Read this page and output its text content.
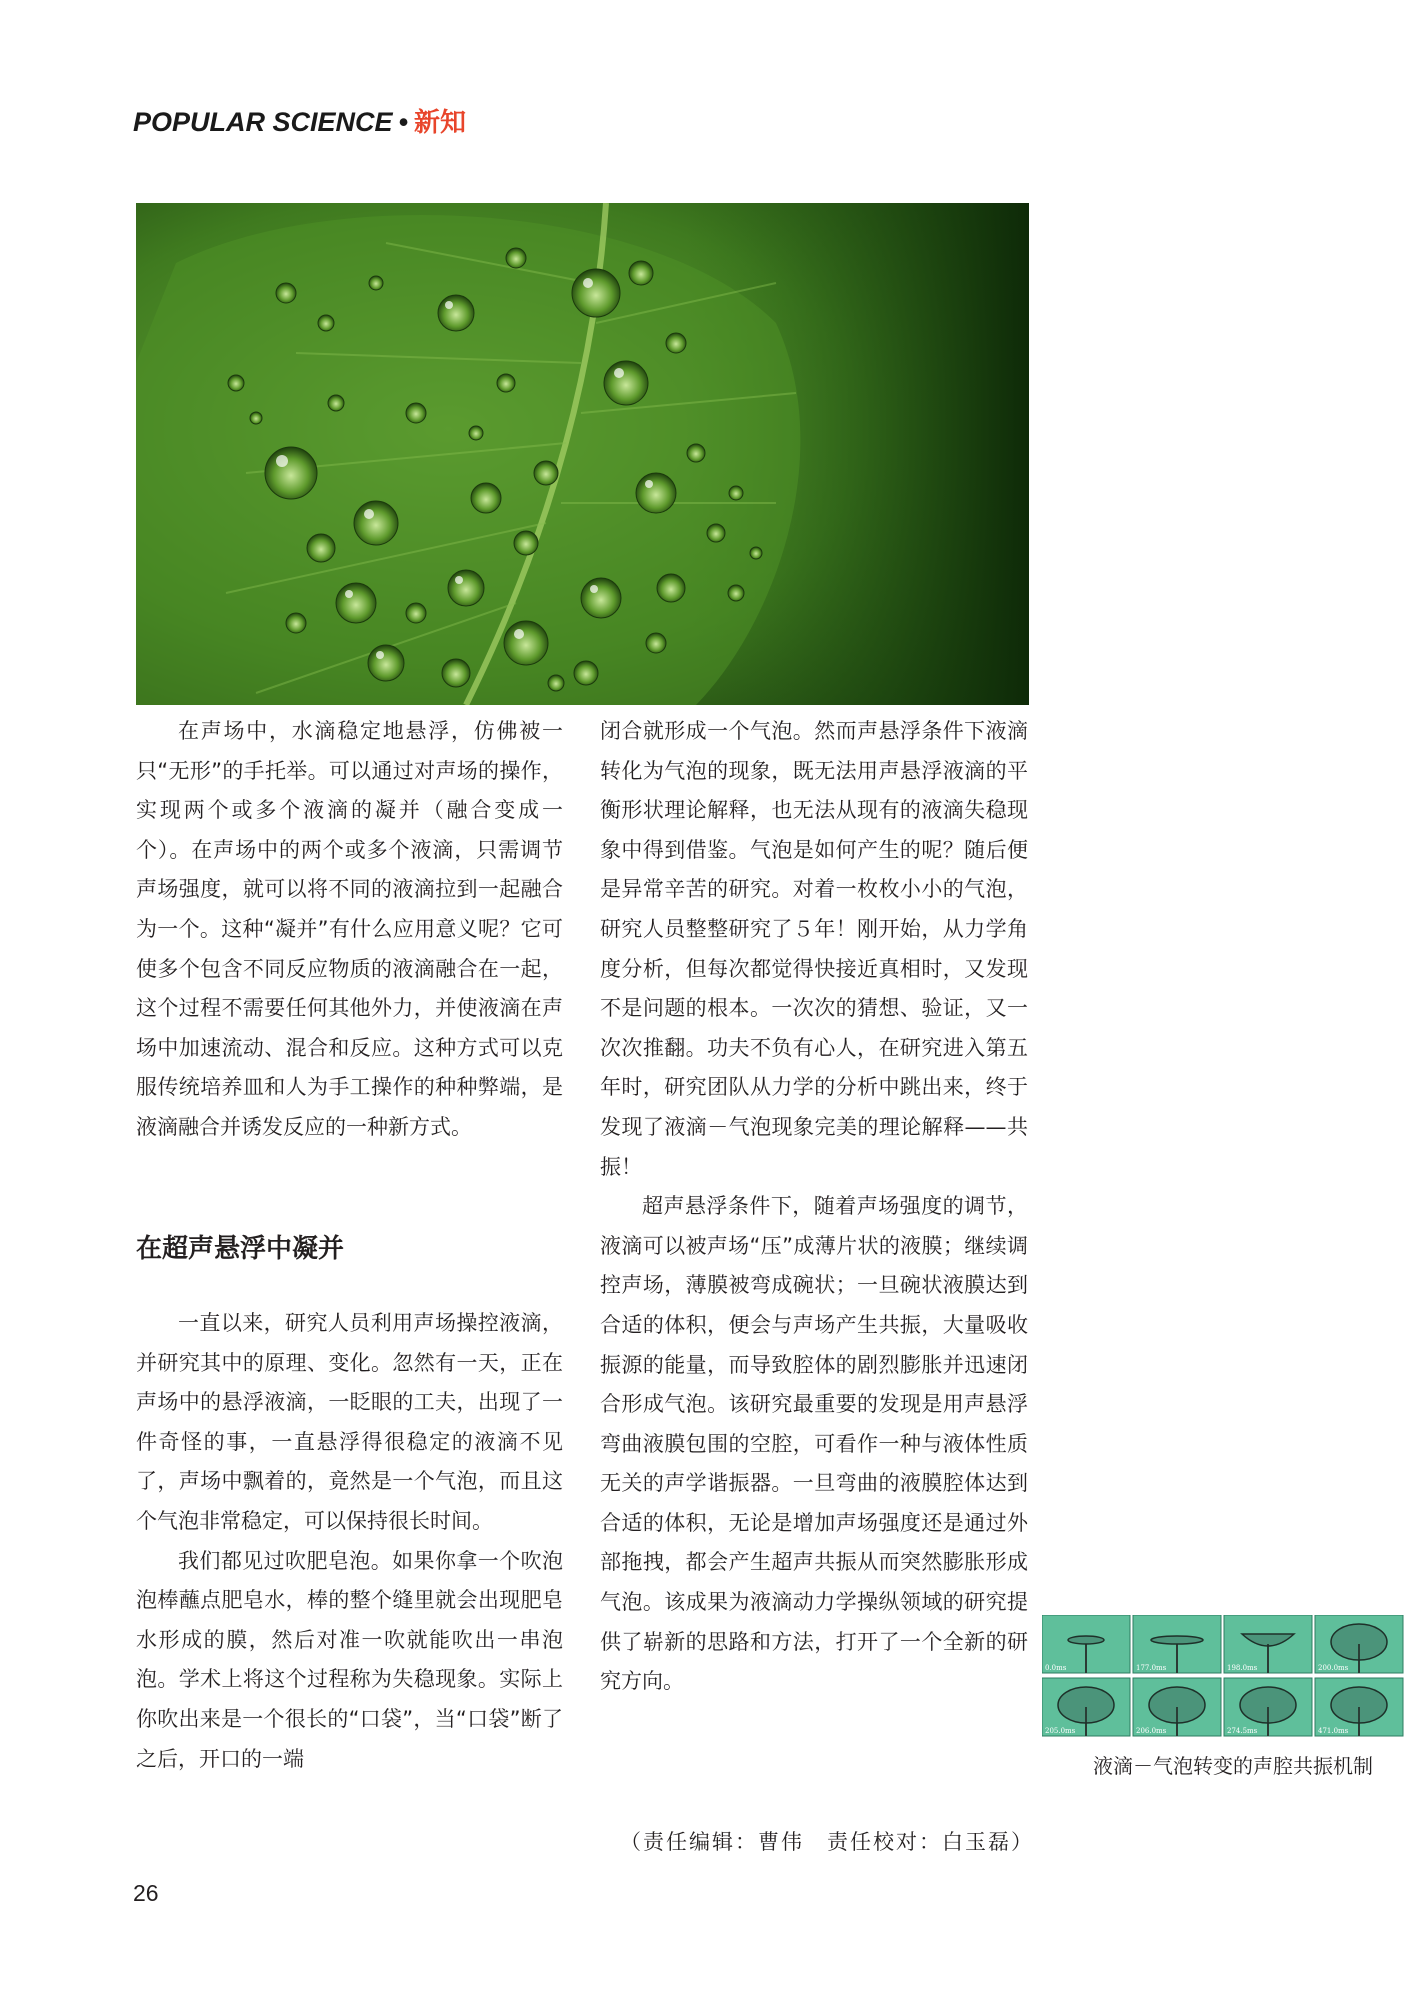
POPULAR SCIENCE • 新知

在声场中，水滴稳定地悬浮，仿佛被一只“无形”的手托举。可以通过对声场的操作，实现两个或多个液滴的凝并（融合变成一个）。在声场中的两个或多个液滴，只需调节声场强度，就可以将不同的液滴拉到一起融合为一个。这种“凝并”有什么应用意义呢？它可使多个包含不同反应物质的液滴融合在一起，这个过程不需要任何其他外力，并使液滴在声场中加速流动、混合和反应。这种方式可以克服传统培养皿和人为手工操作的种种弊端，是液滴融合并诱发反应的一种新方式。

在超声悬浮中凝并

一直以来，研究人员利用声场操控液滴，并研究其中的原理、变化。忽然有一天，正在声场中的悬浮液滴，一眨眼的工夫，出现了一件奇怪的事，一直悬浮得很稳定的液滴不见了，声场中飘着的，竟然是一个气泡，而且这个气泡非常稳定，可以保持很长时间。

我们都见过吹肥皂泡。如果你拿一个吹泡泡棒蘸点肥皂水，棒的整个缝里就会出现肥皂水形成的膜，然后对准一吹就能吹出一串泡泡。学术上将这个过程称为失稳现象。实际上你吹出来是一个很长的“口袋”，当“口袋”断了之后，开口的一端

闭合就形成一个气泡。然而声悬浮条件下液滴转化为气泡的现象，既无法用声悬浮液滴的平衡形状理论解释，也无法从现有的液滴失稳现象中得到借鉴。气泡是如何产生的呢？随后便是异常辛苦的研究。对着一枚枚小小的气泡，研究人员整整研究了５年！刚开始，从力学角度分析，但每次都觉得快接近真相时，又发现不是问题的根本。一次次的猜想、验证，又一次次推翻。功夫不负有心人，在研究进入第五年时，研究团队从力学的分析中跳出来，终于发现了液滴－气泡现象完美的理论解释——共振！

超声悬浮条件下，随着声场强度的调节，液滴可以被声场“压”成薄片状的液膜；继续调控声场，薄膜被弯成碗状；一旦碗状液膜达到合适的体积，便会与声场产生共振，大量吸收振源的能量，而导致腔体的剧烈膨胀并迅速闭合形成气泡。该研究最重要的发现是用声悬浮弯曲液膜包围的空腔，可看作一种与液体性质无关的声学谐振器。一旦弯曲的液膜腔体达到合适的体积，无论是增加声场强度还是通过外部拖拽，都会产生超声共振从而突然膨胀形成气泡。该成果为液滴动力学操纵领域的研究提供了崭新的思路和方法，打开了一个全新的研究方向。

（责任编辑：曹伟　责任校对：白玉磊）
0.0ms	177.0ms	198.0ms	200.0ms
205.0ms	206.0ms	274.5ms	471.0ms
液滴－气泡转变的声腔共振机制
26
